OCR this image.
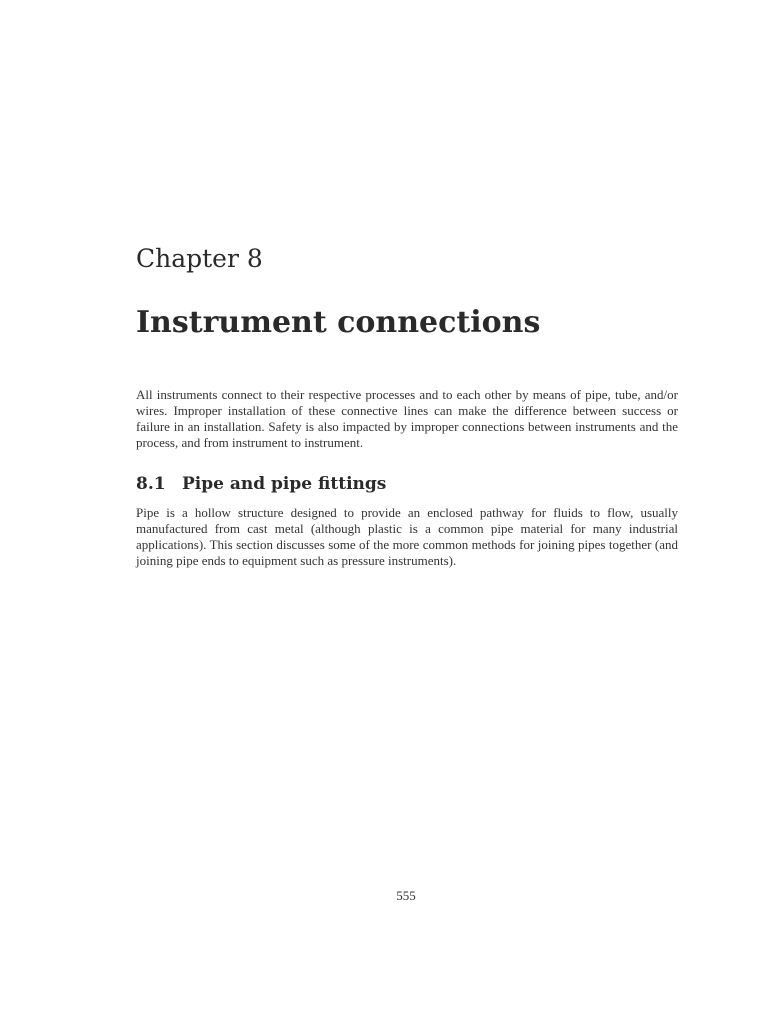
Chapter 8
Instrument connections

All instruments connect to their respective processes and to each other by means of pipe, tube, and/or wires. Improper installation of these connective lines can make the difference between success or failure in an installation. Safety is also impacted by improper connections between instruments and the process, and from instrument to instrument.

8.1 Pipe and pipe fittings

Pipe is a hollow structure designed to provide an enclosed pathway for fluids to flow, usually manufactured from cast metal (although plastic is a common pipe material for many industrial applications). This section discusses some of the more common methods for joining pipes together (and joining pipe ends to equipment such as pressure instruments).

555
